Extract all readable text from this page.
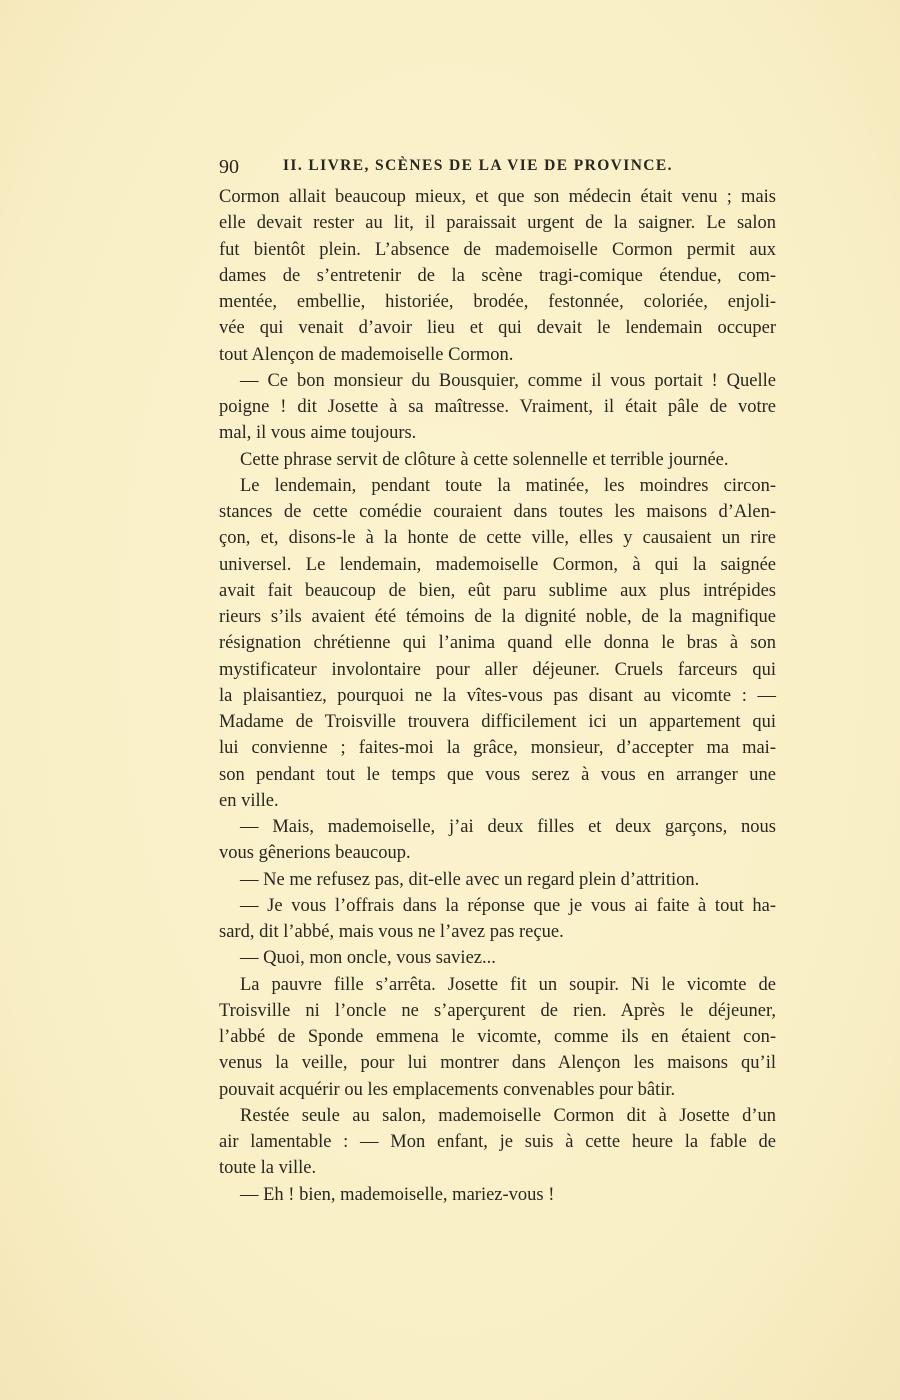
90	II. LIVRE, SCÈNES DE LA VIE DE PROVINCE.
Cormon allait beaucoup mieux, et que son médecin était venu ; mais
elle devait rester au lit, il paraissait urgent de la saigner. Le salon
fut bientôt plein. L’absence de mademoiselle Cormon permit aux
dames de s’entretenir de la scène tragi-comique étendue, com-
mentée, embellie, historiée, brodée, festonnée, coloriée, enjoli-
vée qui venait d’avoir lieu et qui devait le lendemain occuper
tout Alençon de mademoiselle Cormon.
— Ce bon monsieur du Bousquier, comme il vous portait ! Quelle
poigne ! dit Josette à sa maîtresse. Vraiment, il était pâle de votre
mal, il vous aime toujours.
Cette phrase servit de clôture à cette solennelle et terrible journée.
Le lendemain, pendant toute la matinée, les moindres circon-
stances de cette comédie couraient dans toutes les maisons d’Alen-
çon, et, disons-le à la honte de cette ville, elles y causaient un rire
universel. Le lendemain, mademoiselle Cormon, à qui la saignée
avait fait beaucoup de bien, eût paru sublime aux plus intrépides
rieurs s’ils avaient été témoins de la dignité noble, de la magnifique
résignation chrétienne qui l’anima quand elle donna le bras à son
mystificateur involontaire pour aller déjeuner. Cruels farceurs qui
la plaisantiez, pourquoi ne la vîtes-vous pas disant au vicomte : —
Madame de Troisville trouvera difficilement ici un appartement qui
lui convienne ; faites-moi la grâce, monsieur, d’accepter ma mai-
son pendant tout le temps que vous serez à vous en arranger une
en ville.
— Mais, mademoiselle, j’ai deux filles et deux garçons, nous
vous gênerions beaucoup.
— Ne me refusez pas, dit-elle avec un regard plein d’attrition.
— Je vous l’offrais dans la réponse que je vous ai faite à tout ha-
sard, dit l’abbé, mais vous ne l’avez pas reçue.
— Quoi, mon oncle, vous saviez...
La pauvre fille s’arrêta. Josette fit un soupir. Ni le vicomte de
Troisville ni l’oncle ne s’aperçurent de rien. Après le déjeuner,
l’abbé de Sponde emmena le vicomte, comme ils en étaient con-
venus la veille, pour lui montrer dans Alençon les maisons qu’il
pouvait acquérir ou les emplacements convenables pour bâtir.
Restée seule au salon, mademoiselle Cormon dit à Josette d’un
air lamentable : — Mon enfant, je suis à cette heure la fable de
toute la ville.
— Eh ! bien, mademoiselle, mariez-vous !
